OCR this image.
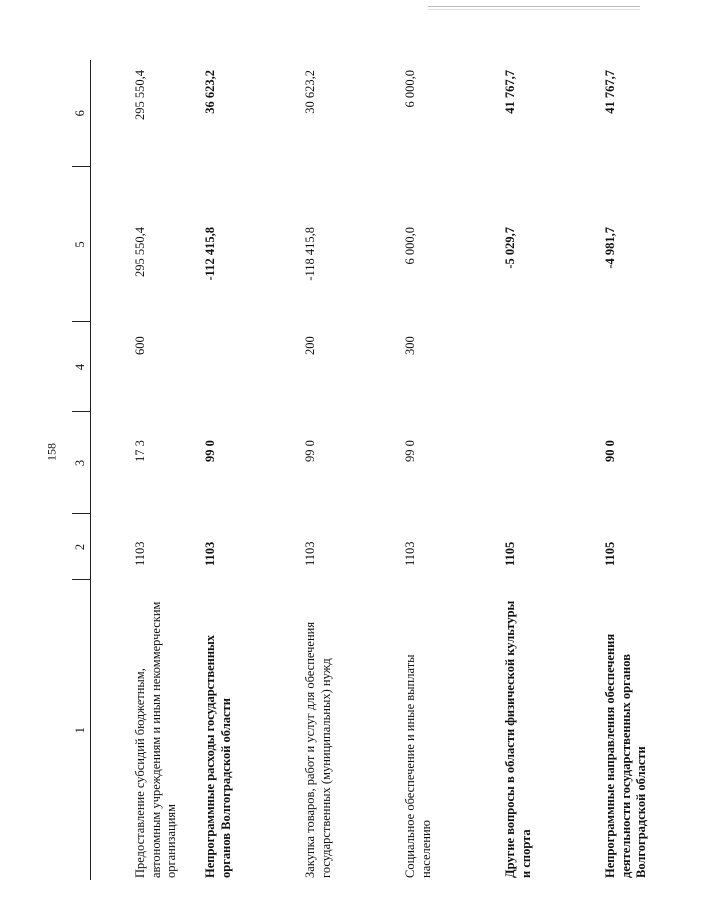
158
1	2	3	4	5	6
Предоставление субсидий бюджетным, автономным учреждениям и иным некоммерческим организациям	1103	17 3	600	295 550,4	295 550,4
Непрограммные расходы государственных органов Волгоградской области	1103	99 0		-112 415,8	36 623,2
Закупка товаров, работ и услуг для обеспечения государственных (муниципальных) нужд	1103	99 0	200	-118 415,8	30 623,2
Социальное обеспечение и иные выплаты населению	1103	99 0	300	6 000,0	6 000,0
Другие вопросы в области физической культуры и спорта	1105			-5 029,7	41 767,7
Непрограммные направления обеспечения деятельности государственных органов Волгоградской области	1105	90 0		-4 981,7	41 767,7
